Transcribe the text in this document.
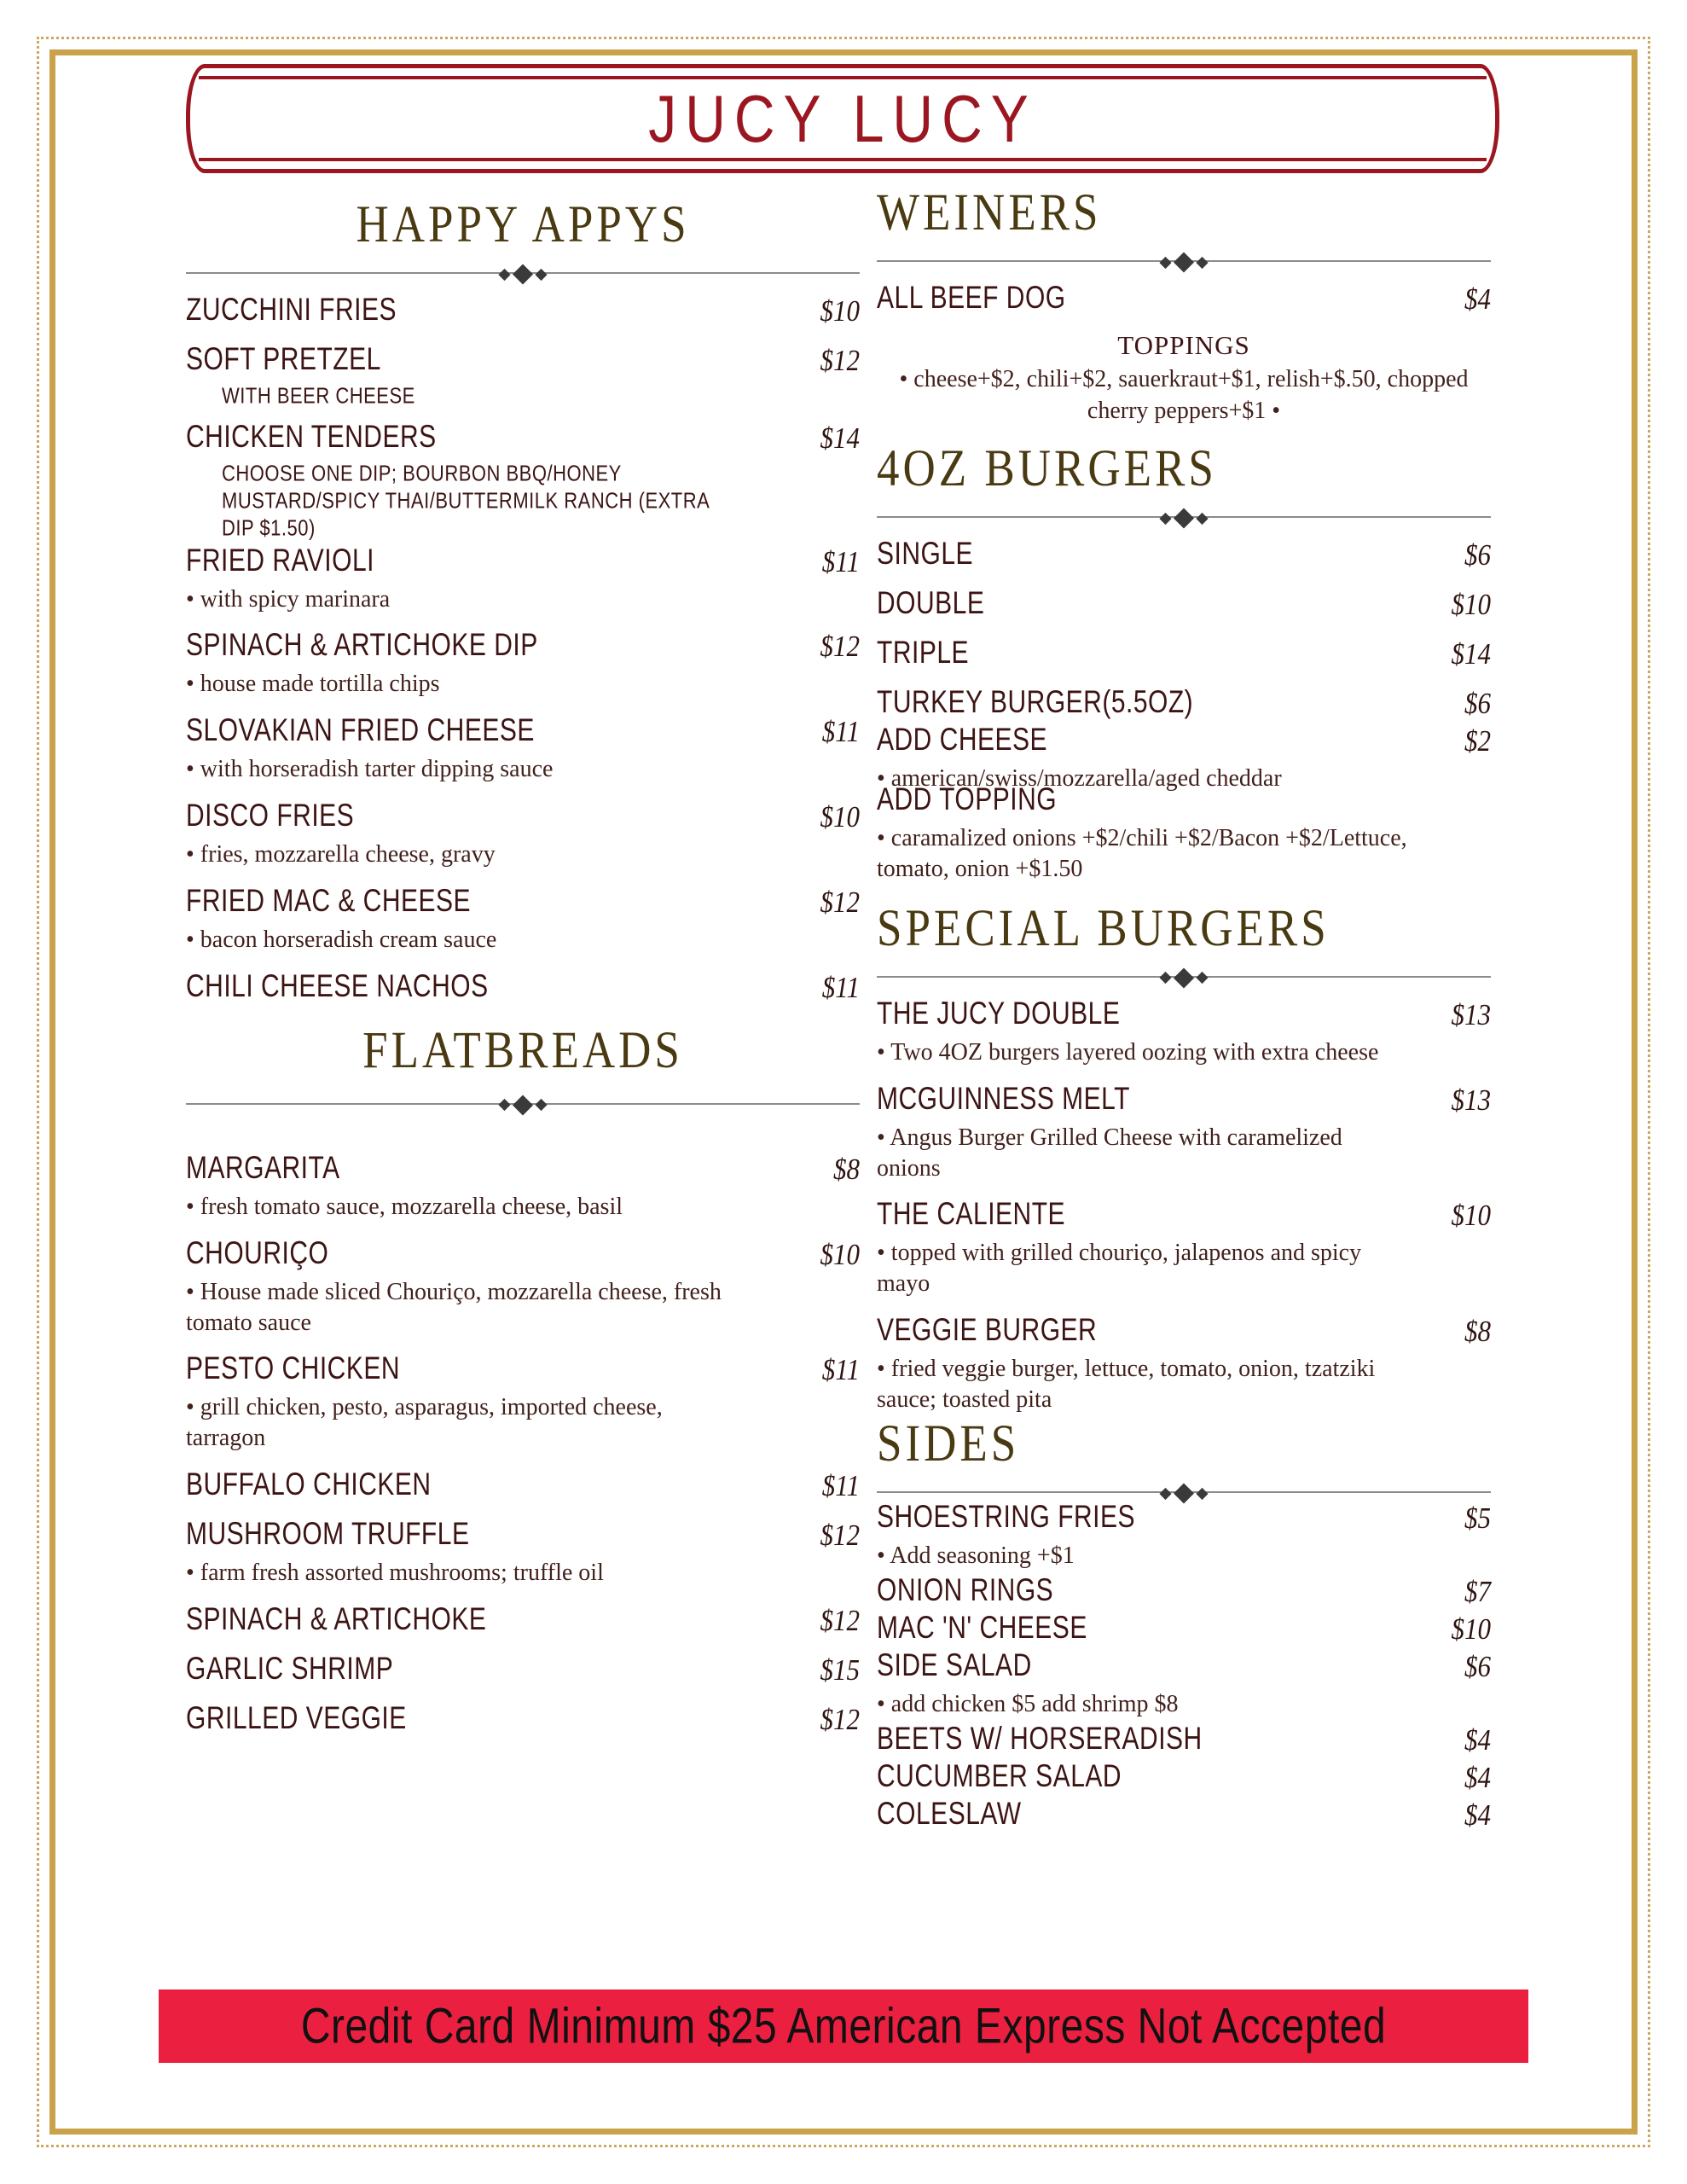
JUCY LUCY
HAPPY APPYS
ZUCCHINI FRIES	$10
SOFT PRETZEL	$12
WITH BEER CHEESE
CHICKEN TENDERS	$14
CHOOSE ONE DIP; BOURBON BBQ/HONEY MUSTARD/SPICY THAI/BUTTERMILK RANCH (EXTRA DIP $1.50)
FRIED RAVIOLI	$11
• with spicy marinara
SPINACH & ARTICHOKE DIP	$12
• house made tortilla chips
SLOVAKIAN FRIED CHEESE	$11
• with horseradish tarter dipping sauce
DISCO FRIES	$10
• fries, mozzarella cheese, gravy
FRIED MAC & CHEESE	$12
• bacon horseradish cream sauce
CHILI CHEESE NACHOS	$11
FLATBREADS
MARGARITA	$8
• fresh tomato sauce, mozzarella cheese, basil
CHOURIÇO	$10
• House made sliced Chouriço, mozzarella cheese, fresh tomato sauce
PESTO CHICKEN	$11
• grill chicken, pesto, asparagus, imported cheese, tarragon
BUFFALO CHICKEN	$11
MUSHROOM TRUFFLE	$12
• farm fresh assorted mushrooms; truffle oil
SPINACH & ARTICHOKE	$12
GARLIC SHRIMP	$15
GRILLED VEGGIE	$12
WEINERS
ALL BEEF DOG	$4
TOPPINGS
• cheese+$2, chili+$2, sauerkraut+$1, relish+$.50, chopped cherry peppers+$1 •
4OZ BURGERS
SINGLE	$6
DOUBLE	$10
TRIPLE	$14
TURKEY BURGER(5.5OZ)	$6
ADD CHEESE	$2
• american/swiss/mozzarella/aged cheddar
ADD TOPPING
• caramalized onions +$2/chili +$2/Bacon +$2/Lettuce, tomato, onion +$1.50
SPECIAL BURGERS
THE JUCY DOUBLE	$13
• Two 4OZ burgers layered oozing with extra cheese
MCGUINNESS MELT	$13
• Angus Burger Grilled Cheese with caramelized onions
THE CALIENTE	$10
• topped with grilled chouriço, jalapenos and spicy mayo
VEGGIE BURGER	$8
• fried veggie burger, lettuce, tomato, onion, tzatziki sauce; toasted pita
SIDES
SHOESTRING FRIES	$5
• Add seasoning +$1
ONION RINGS	$7
MAC 'N' CHEESE	$10
SIDE SALAD	$6
• add chicken $5 add shrimp $8
BEETS W/ HORSERADISH	$4
CUCUMBER SALAD	$4
COLESLAW	$4
Credit Card Minimum $25 American Express Not Accepted
